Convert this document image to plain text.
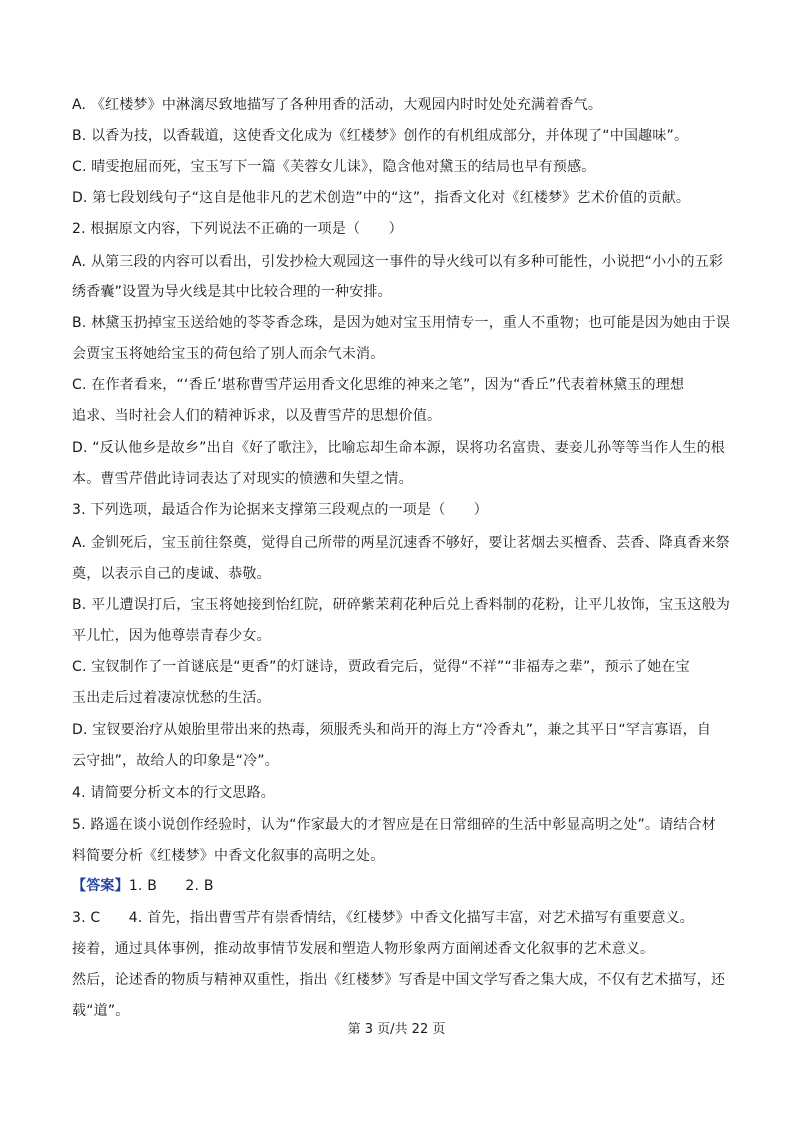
A. 《红楼梦》中淋漓尽致地描写了各种用香的活动，大观园内时时处处充满着香气。
B. 以香为技，以香载道，这使香文化成为《红楼梦》创作的有机组成部分，并体现了“中国趣味”。
C. 晴雯抱屈而死，宝玉写下一篇《芙蓉女儿诔》，隐含他对黛玉的结局也早有预感。
D. 第七段划线句子“这自是他非凡的艺术创造”中的“这”，指香文化对《红楼梦》艺术价值的贡献。
2. 根据原文内容，下列说法不正确的一项是（　　）
A. 从第三段的内容可以看出，引发抄检大观园这一事件的导火线可以有多种可能性，小说把“小小的五彩
绣香囊”设置为导火线是其中比较合理的一种安排。
B. 林黛玉扔掉宝玉送给她的苓苓香念珠，是因为她对宝玉用情专一，重人不重物；也可能是因为她由于误
会贾宝玉将她给宝玉的荷包给了别人而余气未消。
C. 在作者看来，“‘香丘’堪称曹雪芹运用香文化思维的神来之笔”，因为“香丘”代表着林黛玉的理想
追求、当时社会人们的精神诉求，以及曹雪芹的思想价值。
D. “反认他乡是故乡”出自《好了歌注》，比喻忘却生命本源，误将功名富贵、妻妾儿孙等等当作人生的根
本。曹雪芹借此诗词表达了对现实的愤懑和失望之情。
3. 下列选项，最适合作为论据来支撑第三段观点的一项是（　　）
A. 金钏死后，宝玉前往祭奠，觉得自己所带的两星沉速香不够好，要让茗烟去买檀香、芸香、降真香来祭
奠，以表示自己的虔诚、恭敬。
B. 平儿遭误打后，宝玉将她接到怡红院，研碎紫茉莉花种后兑上香料制的花粉，让平儿妆饰，宝玉这般为
平儿忙，因为他尊崇青春少女。
C. 宝钗制作了一首谜底是“更香”的灯谜诗，贾政看完后，觉得“不祥”“非福寿之辈”，预示了她在宝
玉出走后过着凄凉忧愁的生活。
D. 宝钗要治疗从娘胎里带出来的热毒，须服秃头和尚开的海上方“冷香丸”，兼之其平日“罕言寡语，自
云守拙”，故给人的印象是“冷”。
4. 请简要分析文本的行文思路。
5. 路遥在谈小说创作经验时，认为“作家最大的才智应是在日常细碎的生活中彰显高明之处”。请结合材
料简要分析《红楼梦》中香文化叙事的高明之处。
【答案】1. B　　2. B
3. C　　4. 首先，指出曹雪芹有崇香情结，《红楼梦》中香文化描写丰富，对艺术描写有重要意义。
接着，通过具体事例，推动故事情节发展和塑造人物形象两方面阐述香文化叙事的艺术意义。
然后，论述香的物质与精神双重性，指出《红楼梦》写香是中国文学写香之集大成，不仅有艺术描写，还
载“道”。
第 3 页/共 22 页
